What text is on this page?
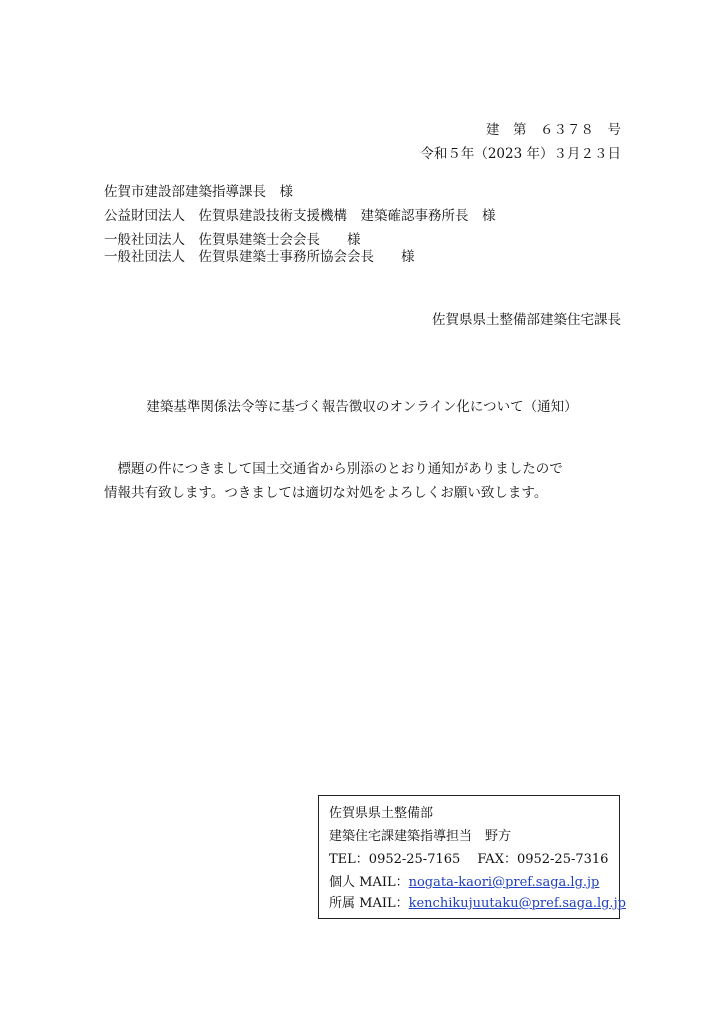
建　第　６３７８　号
令和５年（2023 年）３月２３日
佐賀市建設部建築指導課長　様
公益財団法人　佐賀県建設技術支援機構　建築確認事務所長　様
一般社団法人　佐賀県建築士会会長　　様
一般社団法人　佐賀県建築士事務所協会会長　　様
佐賀県県土整備部建築住宅課長
建築基準関係法令等に基づく報告徴収のオンライン化について（通知）
　標題の件につきまして国土交通省から別添のとおり通知がありましたので
情報共有致します。つきましては適切な対処をよろしくお願い致します。
佐賀県県土整備部
建築住宅課建築指導担当　野方
TEL：0952-25-7165　 FAX：0952-25-7316
個人 MAIL：nogata-kaori@pref.saga.lg.jp
所属 MAIL：kenchikujuutaku@pref.saga.lg.jp
